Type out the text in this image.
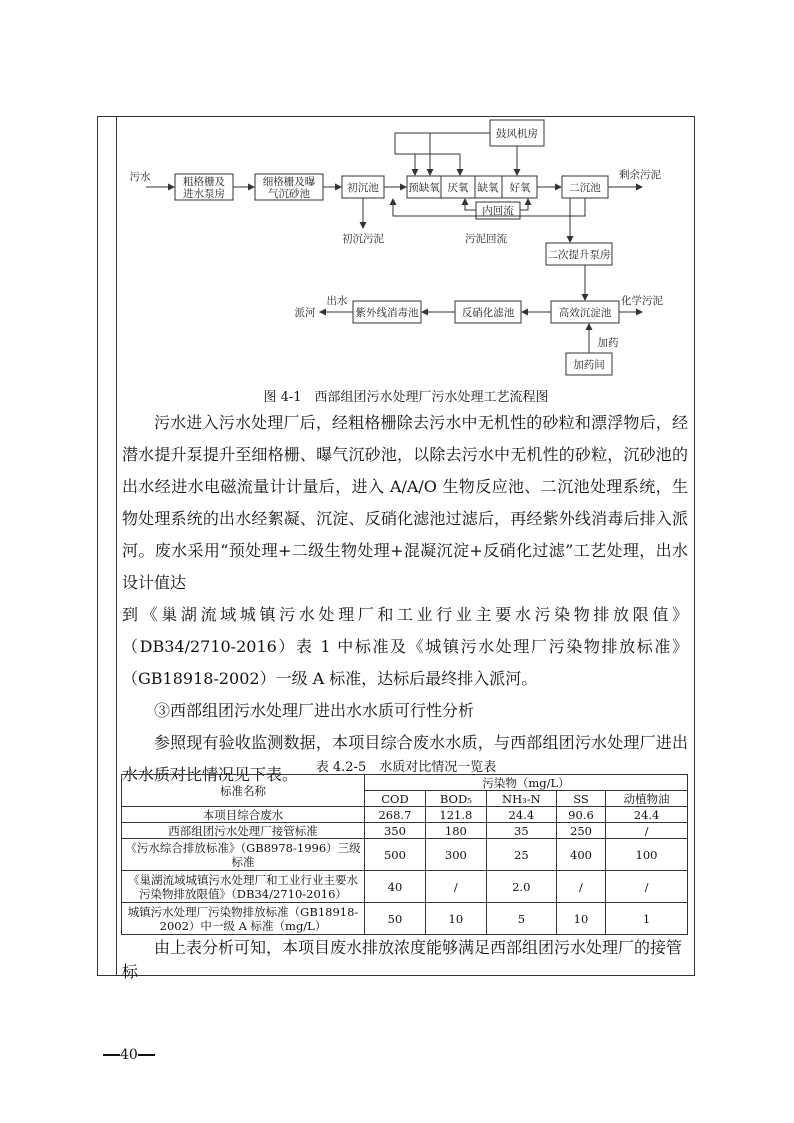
污水	粗格栅及
进水泵房
细格栅及曝
气沉砂池	初沉池	预缺氧 厌氧 缺氧 好氧
鼓风机房
内回流
二沉池
二次提升泵房
高效沉淀池
反硝化滤池
紫外线消毒池
加药间
初沉污泥	污泥回流
剩余污泥
化学污泥
加药
出水
派河
图 4-1　西部组团污水处理厂污水处理工艺流程图

污水进入污水处理厂后，经粗格栅除去污水中无机性的砂粒和漂浮物后，经潜水提升泵提升至细格栅、曝气沉砂池，以除去污水中无机性的砂粒，沉砂池的出水经进水电磁流量计计量后，进入 A/A/O 生物反应池、二沉池处理系统，生物处理系统的出水经絮凝、沉淀、反硝化滤池过滤后，再经紫外线消毒后排入派河。废水采用“预处理+二级生物处理+混凝沉淀+反硝化过滤”工艺处理，出水设计值达

到《巢湖流域城镇污水处理厂和工业行业主要水污染物排放限值》

（DB34/2710-2016）表 1 中标准及《城镇污水处理厂污染物排放标准》

（GB18918-2002）一级 A 标准，达标后最终排入派河。

③西部组团污水处理厂进出水水质可行性分析

参照现有验收监测数据，本项目综合废水水质，与西部组团污水处理厂进出水水质对比情况见下表。	表 4.2-5　水质对比情况一览表
标准名称	污染物（mg/L）				
	COD	BOD₅	NH₃-N	SS	动植物油
本项目综合废水	268.7	121.8	24.4	90.6	24.4
西部组团污水处理厂接管标准	350	180	35	250	/
《污水综合排放标准》（GB8978-1996）三级标准	500	300	25	400	100
《巢湖流域城镇污水处理厂和工业行业主要水污染物排放限值》（DB34/2710-2016）	40	/	2.0	/	/
城镇污水处理厂污染物排放标准（GB18918-2002）中一级 A 标准（mg/L）	50	10	5	10	1

由上表分析可知，本项目废水排放浓度能够满足西部组团污水处理厂的接管标

40
